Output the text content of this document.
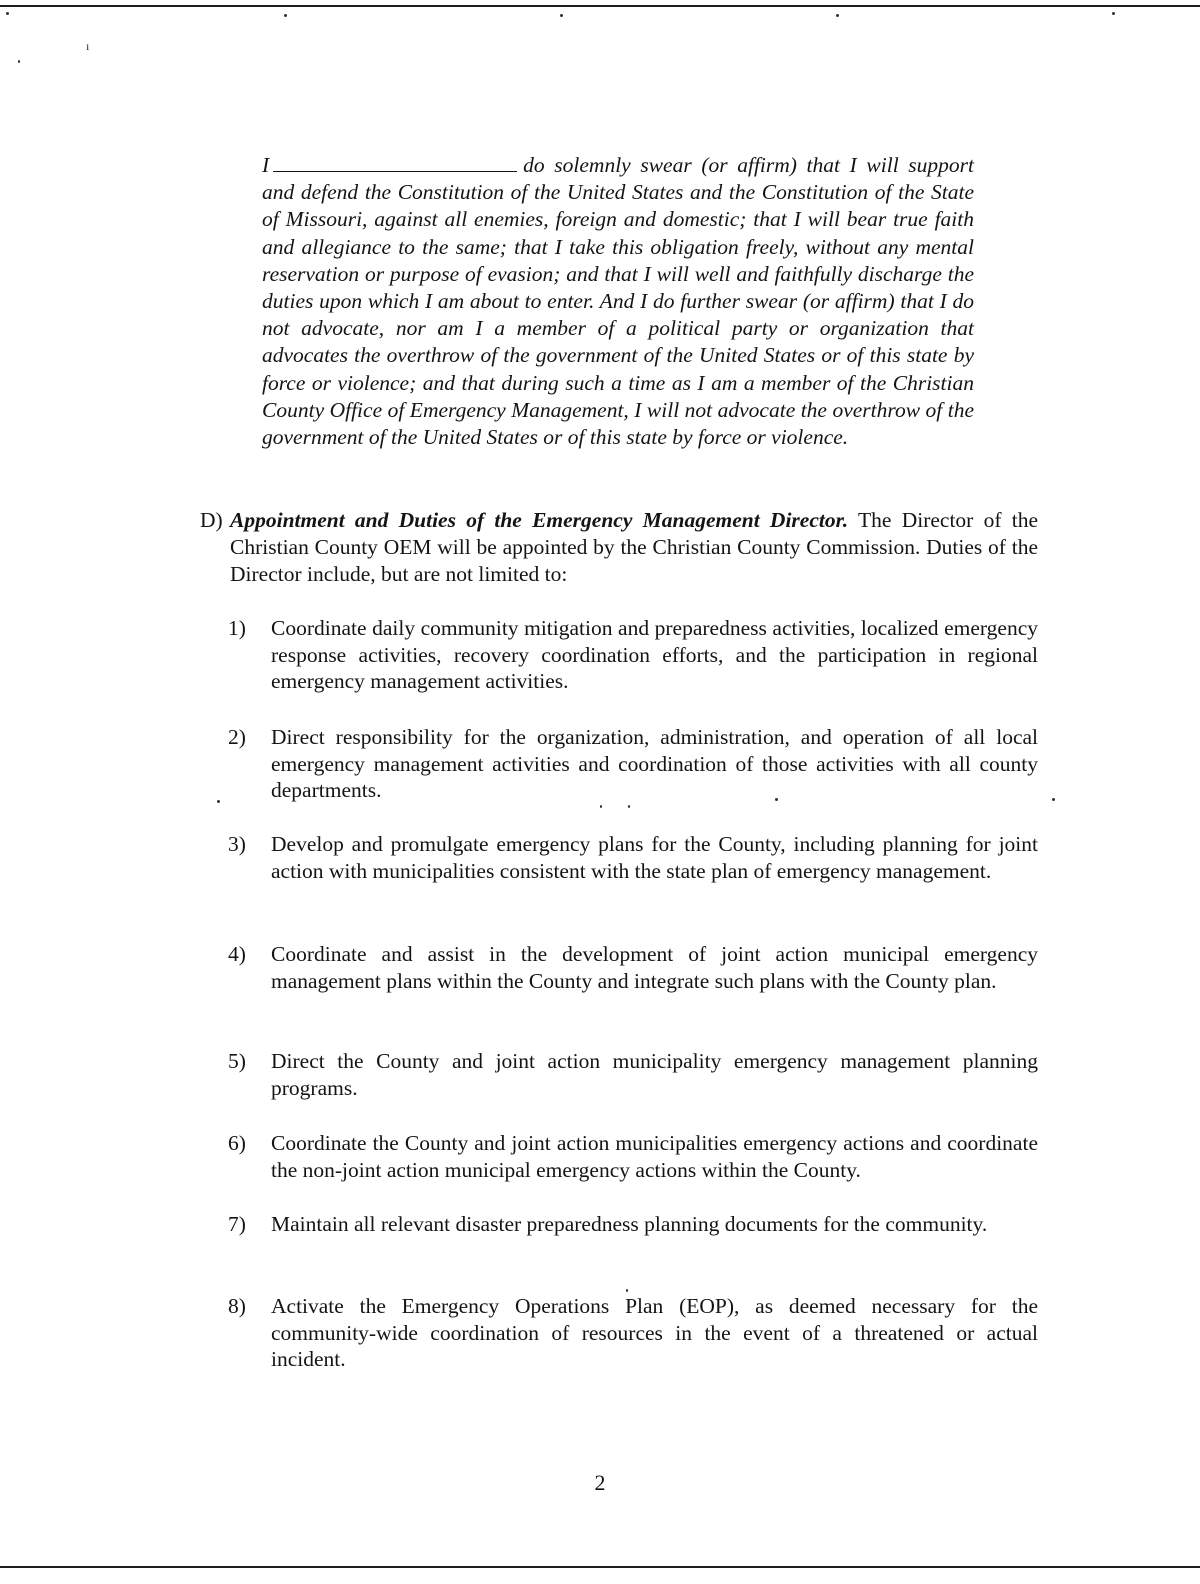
ı

I	do solemnly swear (or affirm) that I will support and defend the Constitution of the United States and the Constitution of the State of Missouri, against all enemies, foreign and domestic; that I will bear true faith and allegiance to the same; that I take this obligation freely, without any mental reservation or purpose of evasion; and that I will well and faithfully discharge the duties upon which I am about to enter. And I do further swear (or affirm) that I do not advocate, nor am I a member of a political party or organization that advocates the overthrow of the government of the United States or of this state by force or violence; and that during such a time as I am a member of the Christian County Office of Emergency Management, I will not advocate the overthrow of the government of the United States or of this state by force or violence.

D) Appointment and Duties of the Emergency Management Director. The Director of the Christian County OEM will be appointed by the Christian County Commission. Duties of the Director include, but are not limited to:
1) Coordinate daily community mitigation and preparedness activities, localized emergency response activities, recovery coordination efforts, and the participation in regional emergency management activities.
2) Direct responsibility for the organization, administration, and operation of all local emergency management activities and coordination of those activities with all county departments.
3) Develop and promulgate emergency plans for the County, including planning for joint action with municipalities consistent with the state plan of emergency management.
4) Coordinate and assist in the development of joint action municipal emergency management plans within the County and integrate such plans with the County plan.
5) Direct the County and joint action municipality emergency management planning programs.
6) Coordinate the County and joint action municipalities emergency actions and coordinate the non-joint action municipal emergency actions within the County.
7) Maintain all relevant disaster preparedness planning documents for the community.
8) Activate the Emergency Operations Plan (EOP), as deemed necessary for the community-wide coordination of resources in the event of a threatened or actual incident.
2
